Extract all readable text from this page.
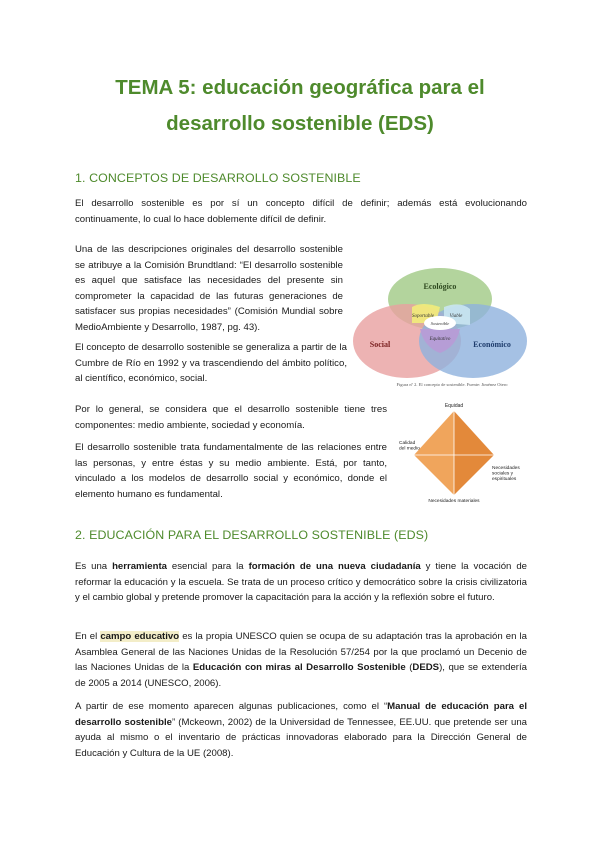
TEMA 5: educación geográfica para el
desarrollo sostenible (EDS)
1. CONCEPTOS DE DESARROLLO SOSTENIBLE

El desarrollo sostenible es por sí un concepto difícil de definir; además está evolucionando continuamente, lo cual lo hace doblemente difícil de definir.

Una de las descripciones originales del desarrollo sostenible se atribuye a la Comisión Brundtland: “El desarrollo sostenible es aquel que satisface las necesidades del presente sin comprometer la capacidad de las futuras generaciones de satisfacer sus propias necesidades” (Comisión Mundial sobre MedioAmbiente y Desarrollo, 1987, pg. 43).

El concepto de desarrollo sostenible se generaliza a partir de la Cumbre de Río en 1992 y va trascendiendo del ámbito político, al científico, económico, social.

Por lo general, se considera que el desarrollo sostenible tiene tres componentes: medio ambiente, sociedad y economía.

El desarrollo sostenible trata fundamentalmente de las relaciones entre las personas, y entre éstas y su medio ambiente. Está, por tanto, vinculado a los modelos de desarrollo social y económico, donde el elemento humano es fundamental.

Ecológico
Social	Económico
Soportable	Viable
Sostenible
Equitativo
Figura nº 2. El concepto de sostenible. Fuente: Jiménez Otero
Equidad
Calidad del medio
Necesidades sociales y espirituales
Necesidades materiales
2. EDUCACIÓN PARA EL DESARROLLO SOSTENIBLE (EDS)

Es una herramienta esencial para la formación de una nueva ciudadanía y tiene la vocación de reformar la educación y la escuela. Se trata de un proceso crítico y democrático sobre la crisis civilizatoria y el cambio global y pretende promover la capacitación para la acción y la reflexión sobre el futuro.

En el campo educativo es la propia UNESCO quien se ocupa de su adaptación tras la aprobación en la Asamblea General de las Naciones Unidas de la Resolución 57/254 por la que proclamó un Decenio de las Naciones Unidas de la Educación con miras al Desarrollo Sostenible (DEDS), que se extendería de 2005 a 2014 (UNESCO, 2006).

A partir de ese momento aparecen algunas publicaciones, como el “Manual de educación para el desarrollo sostenible” (Mckeown, 2002) de la Universidad de Tennessee, EE.UU. que pretende ser una ayuda al mismo o el inventario de prácticas innovadoras elaborado para la Dirección General de Educación y Cultura de la UE (2008).
